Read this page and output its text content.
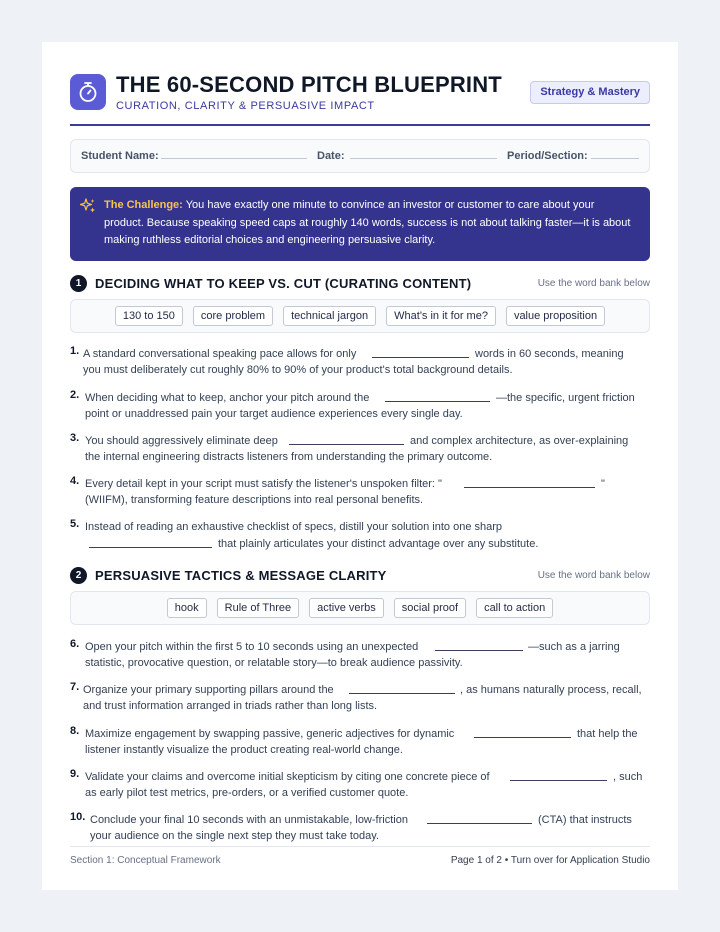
THE 60-SECOND PITCH BLUEPRINT
CURATION, CLARITY & PERSUASIVE IMPACT
Strategy & Mastery
Student Name:	Date:	Period/Section:
The Challenge: You have exactly one minute to convince an investor or customer to care about your product. Because speaking speed caps at roughly 140 words, success is not about talking faster—it is about making ruthless editorial choices and engineering persuasive clarity.
1	DECIDING WHAT TO KEEP VS. CUT (CURATING CONTENT)	Use the word bank below
130 to 150	core problem	technical jargon	What's in it for me?	value proposition
1. A standard conversational speaking pace allows for only	words in 60 seconds, meaning
you must deliberately cut roughly 80% to 90% of your product's total background details.
2. When deciding what to keep, anchor your pitch around the	—the specific, urgent friction
point or unaddressed pain your target audience experiences every single day.
3. You should aggressively eliminate deep	and complex architecture, as over-explaining
the internal engineering distracts listeners from understanding the primary outcome.
4. Every detail kept in your script must satisfy the listener's unspoken filter: "	"
(WIIFM), transforming feature descriptions into real personal benefits.
5. Instead of reading an exhaustive checklist of specs, distill your solution into one sharp
that plainly articulates your distinct advantage over any substitute.
2	PERSUASIVE TACTICS & MESSAGE CLARITY	Use the word bank below
hook	Rule of Three	active verbs	social proof	call to action
6. Open your pitch within the first 5 to 10 seconds using an unexpected	—such as a jarring
statistic, provocative question, or relatable story—to break audience passivity.
7. Organize your primary supporting pillars around the	, as humans naturally process, recall,
and trust information arranged in triads rather than long lists.
8. Maximize engagement by swapping passive, generic adjectives for dynamic	that help the
listener instantly visualize the product creating real-world change.
9. Validate your claims and overcome initial skepticism by citing one concrete piece of	, such
as early pilot test metrics, pre-orders, or a verified customer quote.
10. Conclude your final 10 seconds with an unmistakable, low-friction	(CTA) that instructs
your audience on the single next step they must take today.
Section 1: Conceptual Framework	Page 1 of 2 • Turn over for Application Studio
